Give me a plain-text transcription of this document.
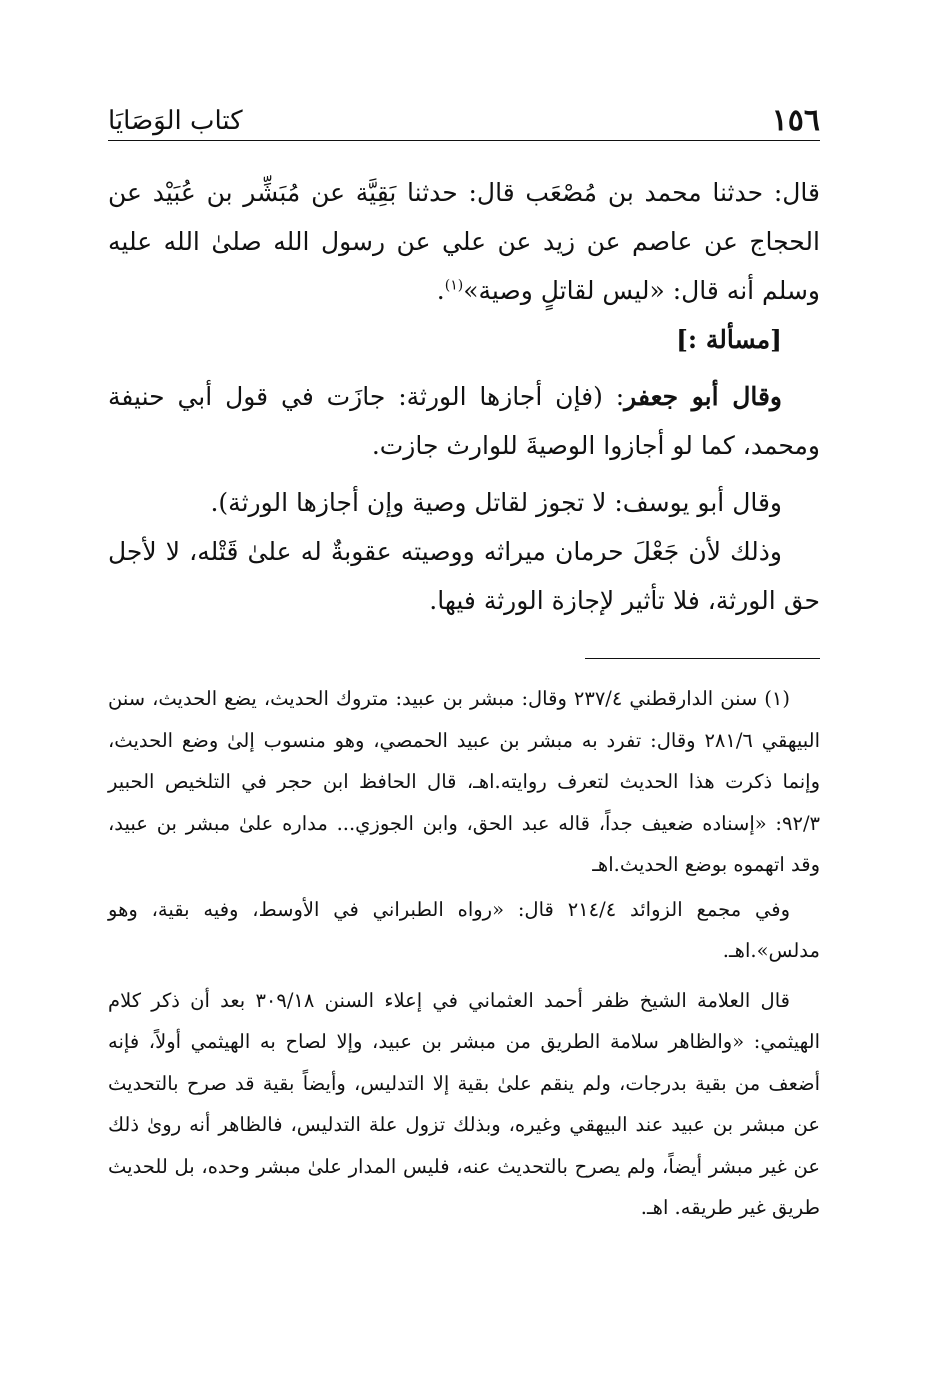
١٥٦
كتاب الوَصَايَا

قال: حدثنا محمد بن مُصْعَب قال: حدثنا بَقِيَّة عن مُبَشِّر بن عُبَيْد عن الحجاج عن عاصم عن زيد عن علي عن رسول الله صلىٰ الله عليه وسلم أنه قال: «ليس لقاتلٍ وصية»$^{(١)}$.

[مسألة :]

وقال أبو جعفر: (فإن أجازها الورثة: جازَت في قول أبي حنيفة ومحمد، كما لو أجازوا الوصيةَ للوارث جازت.

وقال أبو يوسف: لا تجوز لقاتل وصية وإن أجازها الورثة).

وذلك لأن جَعْلَ حرمان ميراثه ووصيته عقوبةٌ له علىٰ قَتْله، لا لأجل حق الورثة، فلا تأثير لإجازة الورثة فيها.

(١) سنن الدارقطني ٢٣٧/٤ وقال: مبشر بن عبيد: متروك الحديث، يضع الحديث، سنن البيهقي ٢٨١/٦ وقال: تفرد به مبشر بن عبيد الحمصي، وهو منسوب إلىٰ وضع الحديث، وإنما ذكرت هذا الحديث لتعرف روايته.اهـ، قال الحافظ ابن حجر في التلخيص الحبير ٩٢/٣: «إسناده ضعيف جداً، قاله عبد الحق، وابن الجوزي... مداره علىٰ مبشر بن عبيد، وقد اتهموه بوضع الحديث.اهـ

وفي مجمع الزوائد ٢١٤/٤ قال: «رواه الطبراني في الأوسط، وفيه بقية، وهو مدلس».اهـ.

قال العلامة الشيخ ظفر أحمد العثماني في إعلاء السنن ٣٠٩/١٨ بعد أن ذكر كلام الهيثمي: «والظاهر سلامة الطريق من مبشر بن عبيد، وإلا لصاح به الهيثمي أولاً، فإنه أضعف من بقية بدرجات، ولم ينقم علىٰ بقية إلا التدليس، وأيضاً بقية قد صرح بالتحديث عن مبشر بن عبيد عند البيهقي وغيره، وبذلك تزول علة التدليس، فالظاهر أنه روىٰ ذلك عن غير مبشر أيضاً، ولم يصرح بالتحديث عنه، فليس المدار علىٰ مبشر وحده، بل للحديث طريق غير طريقه. اهـ.
